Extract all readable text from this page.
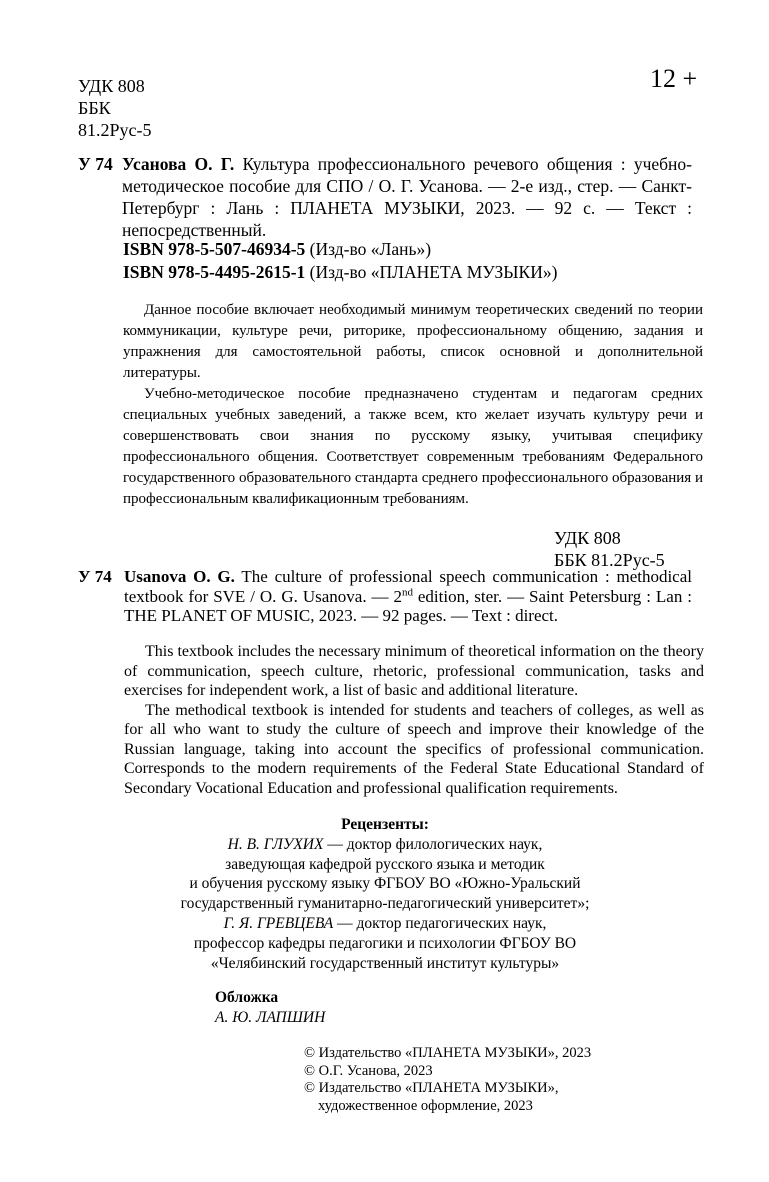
УДК 808
ББК
81.2Рус-5
12 +
У 74 Усанова О. Г. Культура профессионального речевого общения : учебно-методическое пособие для СПО / О. Г. Усанова. — 2-е изд., стер. — Санкт-Петербург : Лань : ПЛАНЕТА МУЗЫКИ, 2023. — 92 с. — Текст : непосредственный.
ISBN 978-5-507-46934-5 (Изд-во «Лань»)
ISBN 978-5-4495-2615-1 (Изд-во «ПЛАНЕТА МУЗЫКИ»)

Данное пособие включает необходимый минимум теоретических сведений по теории коммуникации, культуре речи, риторике, профессиональному общению, задания и упражнения для самостоятельной работы, список основной и дополнительной литературы.

Учебно-методическое пособие предназначено студентам и педагогам средних специальных учебных заведений, а также всем, кто желает изучать культуру речи и совершенствовать свои знания по русскому языку, учитывая специфику профессионального общения. Соответствует современным требованиям Федерального государственного образовательного стандарта среднего профессионального образования и профессиональным квалификационным требованиям.

УДК 808
ББК 81.2Рус-5
У 74 Usanova O. G. The culture of professional speech communication : methodical textbook for SVE / O. G. Usanova. — 2nd edition, ster. — Saint Petersburg : Lan : THE PLANET OF MUSIC, 2023. — 92 pages. — Text : direct.

This textbook includes the necessary minimum of theoretical information on the theory of communication, speech culture, rhetoric, professional communication, tasks and exercises for independent work, a list of basic and additional literature.

The methodical textbook is intended for students and teachers of colleges, as well as for all who want to study the culture of speech and improve their knowledge of the Russian language, taking into account the specifics of professional communication. Corresponds to the modern requirements of the Federal State Educational Standard of Secondary Vocational Education and professional qualification requirements.

Рецензенты:
Н. В. ГЛУХИХ — доктор филологических наук,
заведующая кафедрой русского языка и методик
и обучения русскому языку ФГБОУ ВО «Южно-Уральский
государственный гуманитарно-педагогический университет»;
Г. Я. ГРЕВЦЕВА — доктор педагогических наук,
профессор кафедры педагогики и психологии ФГБОУ ВО
«Челябинский государственный институт культуры»
Обложка
А. Ю. ЛАПШИН
© Издательство «ПЛАНЕТА МУЗЫКИ», 2023
© О.Г. Усанова, 2023
© Издательство «ПЛАНЕТА МУЗЫКИ»,
художественное оформление, 2023
